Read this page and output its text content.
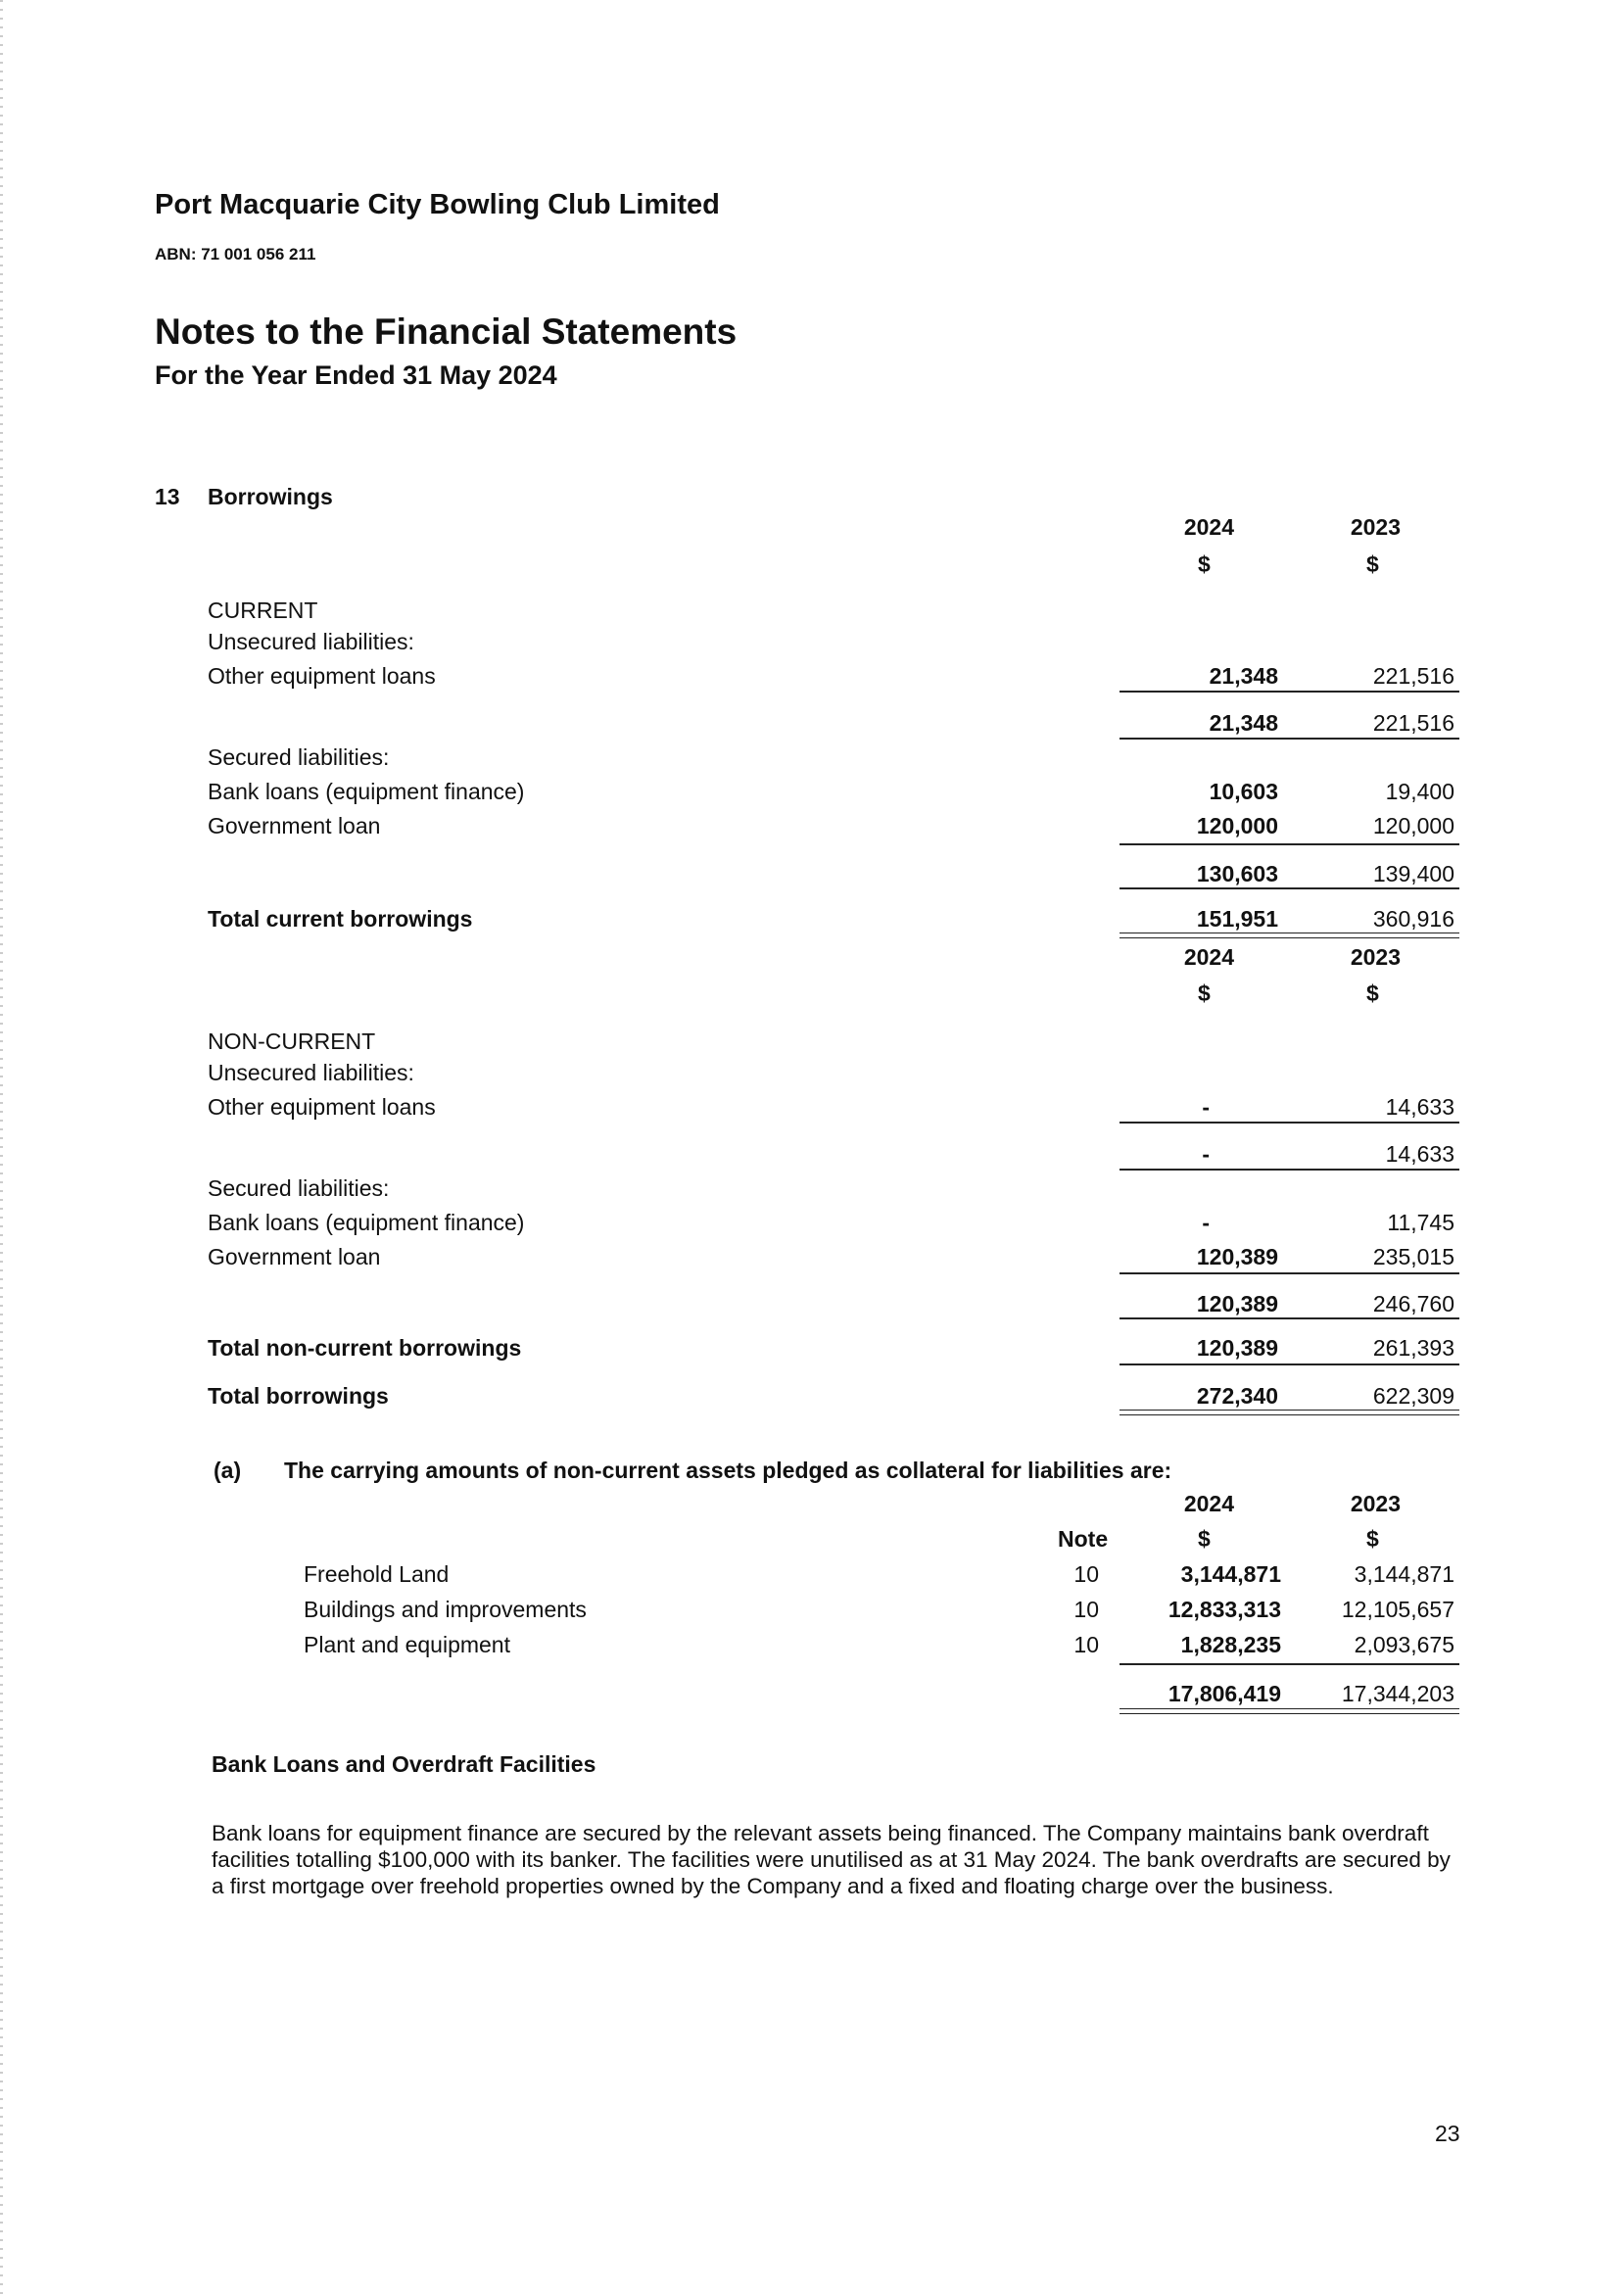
Port Macquarie City Bowling Club Limited
ABN: 71 001 056 211
Notes to the Financial Statements
For the Year Ended 31 May 2024
13 Borrowings
2024	2023
$	$
CURRENT
Unsecured liabilities:
Other equipment loans	21,348	221,516
21,348	221,516
Secured liabilities:
Bank loans (equipment finance)	10,603	19,400
Government loan	120,000	120,000
130,603	139,400
Total current borrowings	151,951	360,916
2024	2023
$	$
NON-CURRENT
Unsecured liabilities:
Other equipment loans	-	14,633
-	14,633
Secured liabilities:
Bank loans (equipment finance)	-	11,745
Government loan	120,389	235,015
120,389	246,760
Total non-current borrowings	120,389	261,393
Total borrowings	272,340	622,309
(a) The carrying amounts of non-current assets pledged as collateral for liabilities are:
2024	2023
Note	$	$
Freehold Land	10	3,144,871	3,144,871
Buildings and improvements	10	12,833,313	12,105,657
Plant and equipment	10	1,828,235	2,093,675
17,806,419	17,344,203
Bank Loans and Overdraft Facilities
Bank loans for equipment finance are secured by the relevant assets being financed. The Company maintains bank overdraft facilities totalling $100,000 with its banker. The facilities were unutilised as at 31 May 2024. The bank overdrafts are secured by a first mortgage over freehold properties owned by the Company and a fixed and floating charge over the business.
23
